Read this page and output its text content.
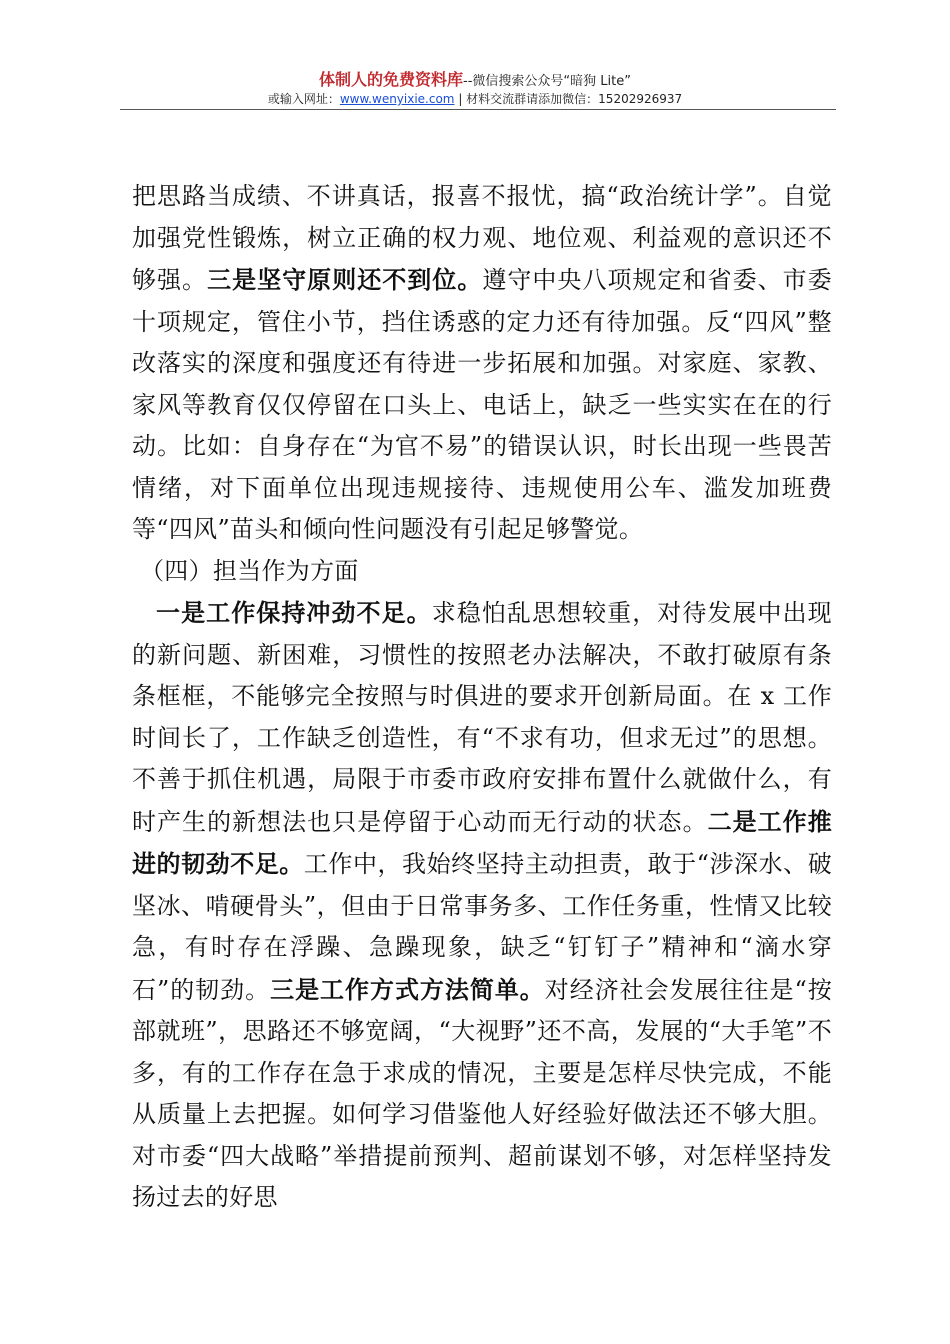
体制人的免费资料库--微信搜索公众号“暗狗 Lite”
或输入网址：www.wenyixie.com | 材料交流群请添加微信：15202926937

把思路当成绩、不讲真话，报喜不报忧，搞“政治统计学”。自觉加强党性锻炼，树立正确的权力观、地位观、利益观的意识还不够强。三是坚守原则还不到位。遵守中央八项规定和省委、市委十项规定，管住小节，挡住诱惑的定力还有待加强。反“四风”整改落实的深度和强度还有待进一步拓展和加强。对家庭、家教、家风等教育仅仅停留在口头上、电话上，缺乏一些实实在在的行动。比如：自身存在“为官不易”的错误认识，时长出现一些畏苦情绪，对下面单位出现违规接待、违规使用公车、滥发加班费等“四风”苗头和倾向性问题没有引起足够警觉。

（四）担当作为方面

一是工作保持冲劲不足。求稳怕乱思想较重，对待发展中出现的新问题、新困难，习惯性的按照老办法解决，不敢打破原有条条框框，不能够完全按照与时俱进的要求开创新局面。在 x 工作时间长了，工作缺乏创造性，有“不求有功，但求无过”的思想。不善于抓住机遇，局限于市委市政府安排布置什么就做什么，有时产生的新想法也只是停留于心动而无行动的状态。二是工作推进的韧劲不足。工作中，我始终坚持主动担责，敢于“涉深水、破坚冰、啃硬骨头”，但由于日常事务多、工作任务重，性情又比较急，有时存在浮躁、急躁现象，缺乏“钉钉子”精神和“滴水穿石”的韧劲。三是工作方式方法简单。对经济社会发展往往是“按部就班”，思路还不够宽阔，“大视野”还不高，发展的“大手笔”不多，有的工作存在急于求成的情况，主要是怎样尽快完成，不能从质量上去把握。如何学习借鉴他人好经验好做法还不够大胆。对市委“四大战略”举措提前预判、超前谋划不够，对怎样坚持发扬过去的好思
